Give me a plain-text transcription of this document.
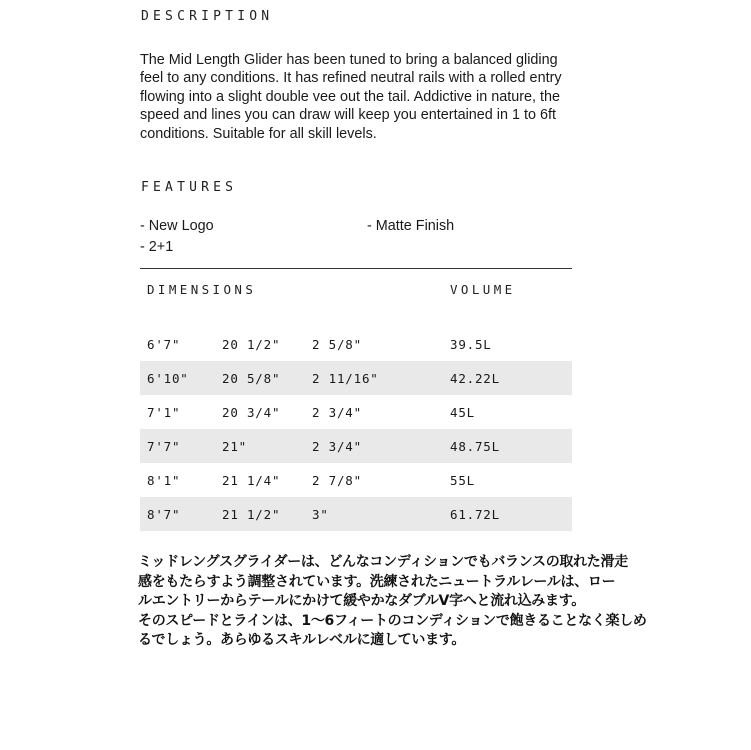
DESCRIPTION
The Mid Length Glider has been tuned to bring a balanced gliding feel to any conditions. It has refined neutral rails with a rolled entry flowing into a slight double vee out the tail. Addictive in nature, the speed and lines you can draw will keep you entertained in 1 to 6ft conditions. Suitable for all skill levels.
FEATURES
- New Logo	- Matte Finish
- 2+1
DIMENSIONS	VOLUME
6'7"	20 1/2"	2 5/8"	39.5L
6'10"	20 5/8"	2 11/16"	42.22L
7'1"	20 3/4"	2 3/4"	45L
7'7"	21"	2 3/4"	48.75L
8'1"	21 1/4"	2 7/8"	55L
8'7"	21 1/2"	3"	61.72L
ミッドレングスグライダーは、どんなコンディションでもバランスの取れた滑走
感をもたらすよう調整されています。洗練されたニュートラルレールは、ロー
ルエントリーからテールにかけて緩やかなダブルV字へと流れ込みます。
そのスピードとラインは、1〜6フィートのコンディションで飽きることなく楽しめ
るでしょう。あらゆるスキルレベルに適しています。
